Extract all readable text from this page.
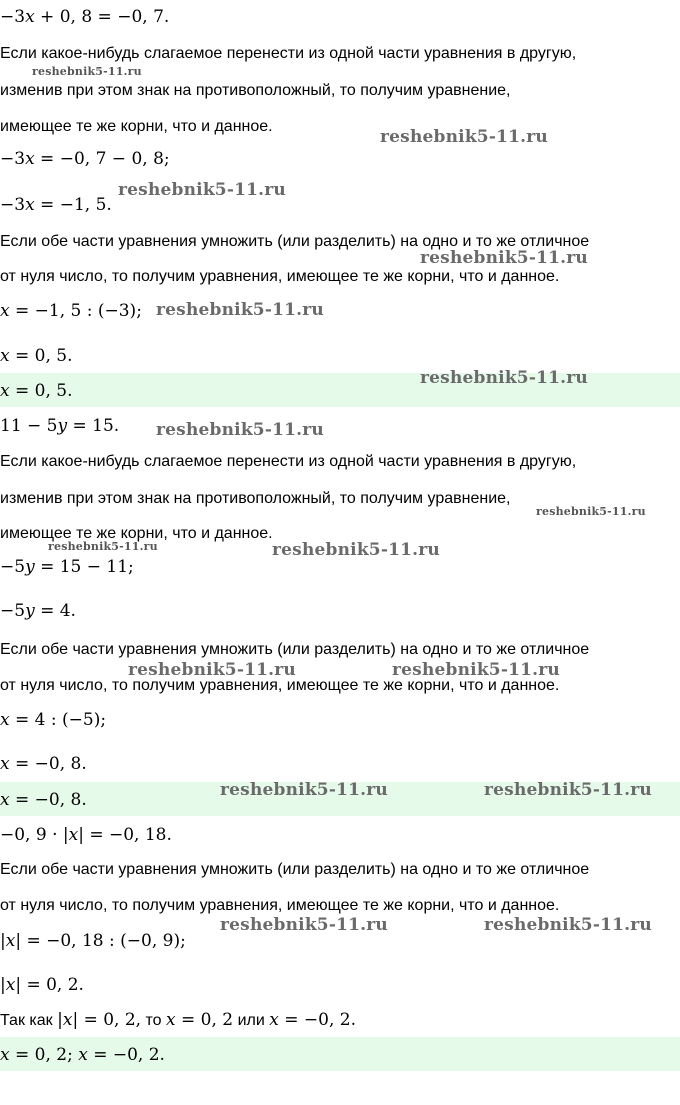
−3x + 0, 8 = −0, 7.
Если какое-нибудь слагаемое перенести из одной части уравнения в другую,
изменив при этом знак на противоположный, то получим уравнение,
имеющее те же корни, что и данное.
−3x = −0, 7 − 0, 8;
−3x = −1, 5.
Если обе части уравнения умножить (или разделить) на одно и то же отличное
от нуля число, то получим уравнения, имеющее те же корни, что и данное.
x = −1, 5 : (−3);
x = 0, 5.
x = 0, 5.
11 − 5y = 15.
Если какое-нибудь слагаемое перенести из одной части уравнения в другую,
изменив при этом знак на противоположный, то получим уравнение,
имеющее те же корни, что и данное.
−5y = 15 − 11;
−5y = 4.
Если обе части уравнения умножить (или разделить) на одно и то же отличное
от нуля число, то получим уравнения, имеющее те же корни, что и данное.
x = 4 : (−5);
x = −0, 8.
x = −0, 8.
−0, 9 · |x| = −0, 18.
Если обе части уравнения умножить (или разделить) на одно и то же отличное
от нуля число, то получим уравнения, имеющее те же корни, что и данное.
|x| = −0, 18 : (−0, 9);
|x| = 0, 2.
Так как |x| = 0, 2, то x = 0, 2 или x = −0, 2.
x = 0, 2; x = −0, 2.
reshebnik5-11.ru
reshebnik5-11.ru
reshebnik5-11.ru
reshebnik5-11.ru
reshebnik5-11.ru
reshebnik5-11.ru
reshebnik5-11.ru
reshebnik5-11.ru
reshebnik5-11.ru	reshebnik5-11.ru
reshebnik5-11.ru	reshebnik5-11.ru
reshebnik5-11.ru	reshebnik5-11.ru
reshebnik5-11.ru	reshebnik5-11.ru
